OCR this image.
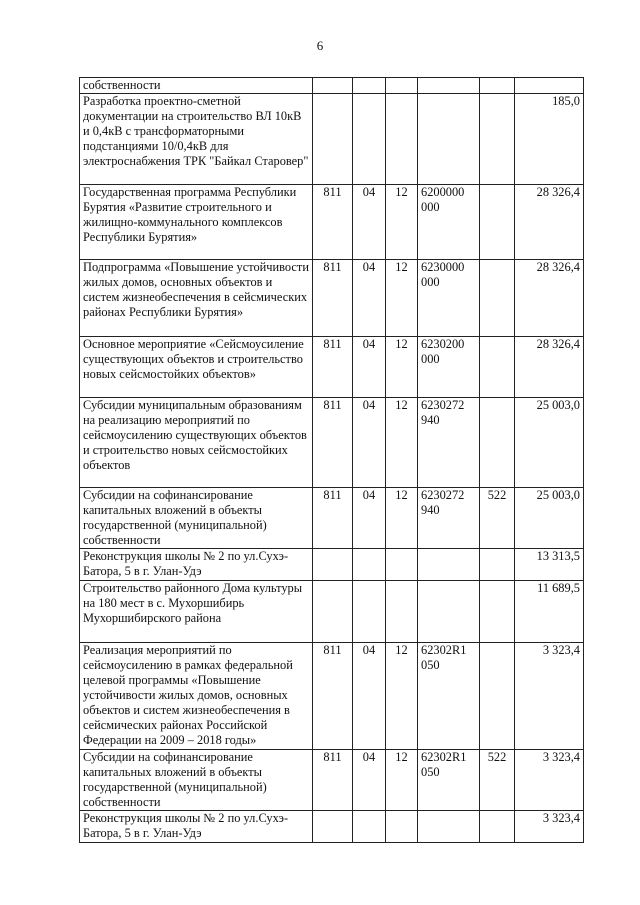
6
собственности						
Разработка проектно-сметной документации на строительство ВЛ 10кВ и 0,4кВ с трансформаторными подстанциями 10/0,4кВ для электроснабжения ТРК "Байкал Старовер"						185,0
Государственная программа Республики Бурятия «Развитие строительного и жилищно-коммунального комплексов Республики Бурятия»	811	04	12	6200000 000		28 326,4
Подпрограмма «Повышение устойчивости жилых домов, основных объектов и систем жизнеобеспечения в сейсмических районах Республики Бурятия»	811	04	12	6230000 000		28 326,4
Основное мероприятие «Сейсмоусиление существующих объектов и строительство новых сейсмостойких объектов»	811	04	12	6230200 000		28 326,4
Субсидии муниципальным образованиям на реализацию мероприятий по сейсмоусилению существующих объектов и строительство новых сейсмостойких объектов	811	04	12	6230272 940		25 003,0
Субсидии на софинансирование капитальных вложений в объекты государственной (муниципальной) собственности	811	04	12	6230272 940	522	25 003,0
Реконструкция школы № 2 по ул.Сухэ-Батора, 5 в г. Улан-Удэ						13 313,5
Строительство районного Дома культуры на 180 мест в с. Мухоршибирь Мухоршибирского района						11 689,5
Реализация мероприятий по сейсмоусилению в рамках федеральной целевой программы «Повышение устойчивости жилых домов, основных объектов и систем жизнеобеспечения в сейсмических районах Российской Федерации на 2009 – 2018 годы»	811	04	12	62302R1 050		3 323,4
Субсидии на софинансирование капитальных вложений в объекты государственной (муниципальной) собственности	811	04	12	62302R1 050	522	3 323,4
Реконструкция школы № 2 по ул.Сухэ-Батора, 5 в г. Улан-Удэ						3 323,4
